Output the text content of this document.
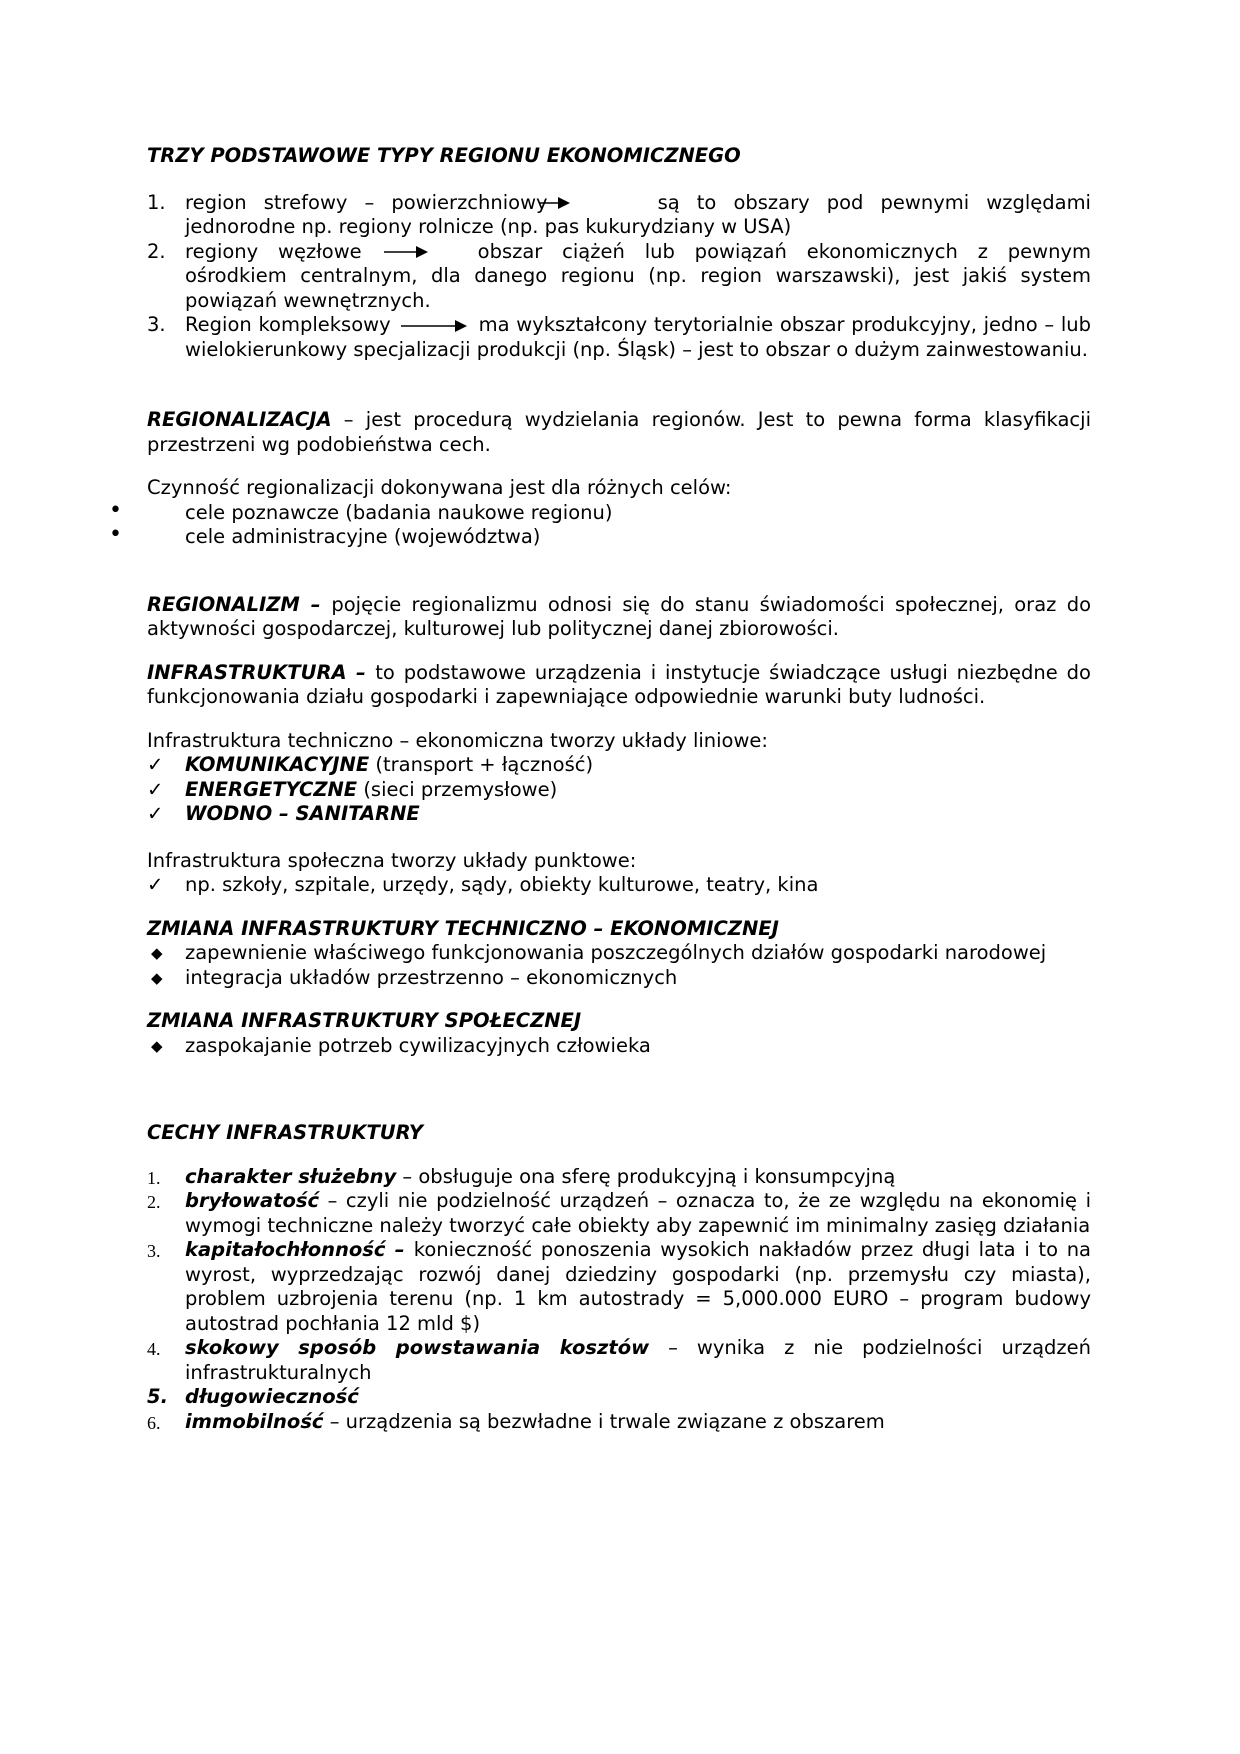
TRZY PODSTAWOWE TYPY REGIONU EKONOMICZNEGO

1. region strefowy – powierzchniowy	są to obszary pod pewnymi względami jednorodne np. regiony rolnicze (np. pas kukurydziany w USA)
2. regiony węzłowe	obszar ciążeń lub powiązań ekonomicznych z pewnym ośrodkiem centralnym, dla danego regionu (np. region warszawski), jest jakiś system powiązań wewnętrznych.
3. Region kompleksowy	ma wykształcony terytorialnie obszar produkcyjny, jedno – lub wielokierunkowy specjalizacji produkcji (np. Śląsk) – jest to obszar o dużym zainwestowaniu.

REGIONALIZACJA – jest procedurą wydzielania regionów. Jest to pewna forma klasyfikacji przestrzeni wg podobieństwa cech.

Czynność regionalizacji dokonywana jest dla różnych celów:

•	cele poznawcze (badania naukowe regionu)
•	cele administracyjne (województwa)

REGIONALIZM – pojęcie regionalizmu odnosi się do stanu świadomości społecznej, oraz do aktywności gospodarczej, kulturowej lub politycznej danej zbiorowości.

INFRASTRUKTURA – to podstawowe urządzenia i instytucje świadczące usługi niezbędne do funkcjonowania działu gospodarki i zapewniające odpowiednie warunki buty ludności.

Infrastruktura techniczno – ekonomiczna tworzy układy liniowe:

✓ KOMUNIKACYJNE (transport + łączność)
✓ ENERGETYCZNE (sieci przemysłowe)
✓ WODNO – SANITARNE

Infrastruktura społeczna tworzy układy punktowe:

✓ np. szkoły, szpitale, urzędy, sądy, obiekty kulturowe, teatry, kina

ZMIANA INFRASTRUKTURY TECHNICZNO – EKONOMICZNEJ

◆ zapewnienie właściwego funkcjonowania poszczególnych działów gospodarki narodowej
◆ integracja układów przestrzenno – ekonomicznych

ZMIANA INFRASTRUKTURY SPOŁECZNEJ

◆ zaspokajanie potrzeb cywilizacyjnych człowieka

CECHY INFRASTRUKTURY

1. charakter służebny – obsługuje ona sferę produkcyjną i konsumpcyjną
2. bryłowatość – czyli nie podzielność urządzeń – oznacza to, że ze względu na ekonomię i wymogi techniczne należy tworzyć całe obiekty aby zapewnić im minimalny zasięg działania
3. kapitałochłonność – konieczność ponoszenia wysokich nakładów przez długi lata i to na wyrost, wyprzedzając rozwój danej dziedziny gospodarki (np. przemysłu czy miasta), problem uzbrojenia terenu (np. 1 km autostrady = 5,000.000 EURO – program budowy autostrad pochłania 12 mld $)
4. skokowy sposób powstawania kosztów – wynika z nie podzielności urządzeń infrastrukturalnych
5. długowieczność
6. immobilność – urządzenia są bezwładne i trwale związane z obszarem
